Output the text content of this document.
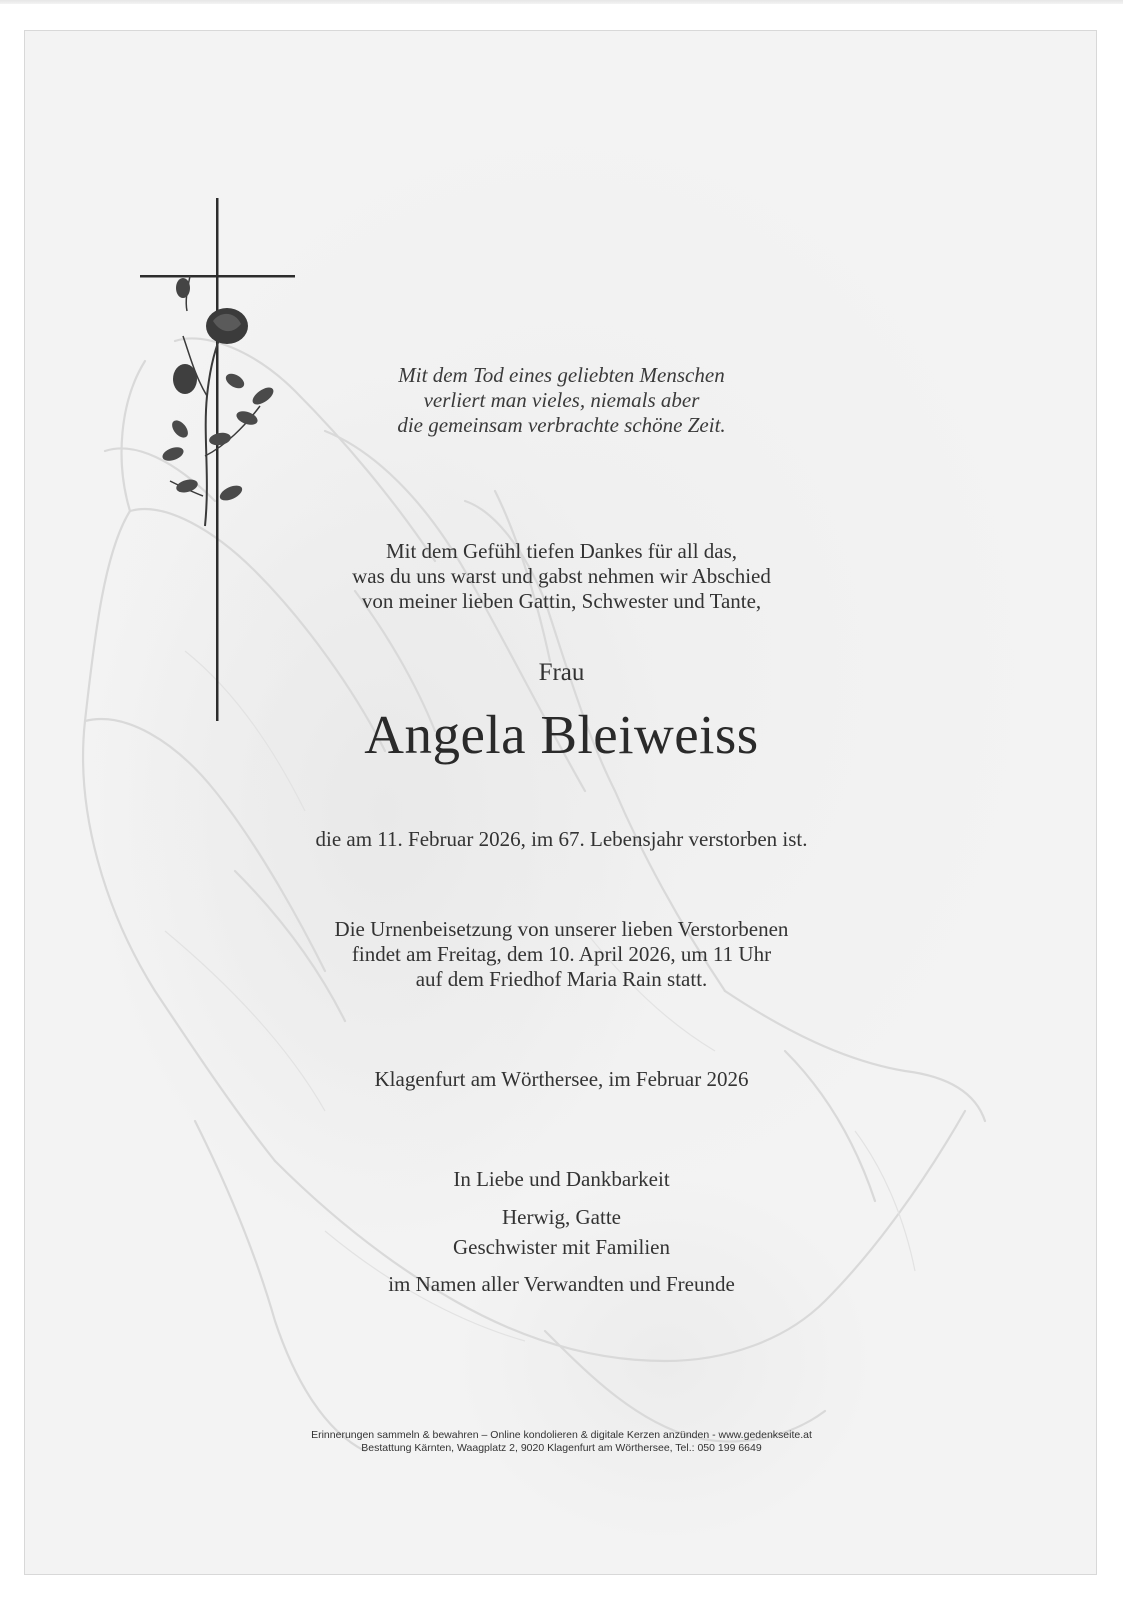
Mit dem Tod eines geliebten Menschen
verliert man vieles, niemals aber
die gemeinsam verbrachte schöne Zeit.
Mit dem Gefühl tiefen Dankes für all das,
was du uns warst und gabst nehmen wir Abschied
von meiner lieben Gattin, Schwester und Tante,
Frau
Angela Bleiweiss
die am 11. Februar 2026, im 67. Lebensjahr verstorben ist.
Die Urnenbeisetzung von unserer lieben Verstorbenen
findet am Freitag, dem 10. April 2026, um 11 Uhr
auf dem Friedhof Maria Rain statt.
Klagenfurt am Wörthersee, im Februar 2026
In Liebe und Dankbarkeit
Herwig, Gatte
Geschwister mit Familien
im Namen aller Verwandten und Freunde
Erinnerungen sammeln & bewahren – Online kondolieren & digitale Kerzen anzünden - www.gedenkseite.at
Bestattung Kärnten, Waagplatz 2, 9020 Klagenfurt am Wörthersee, Tel.: 050 199 6649
